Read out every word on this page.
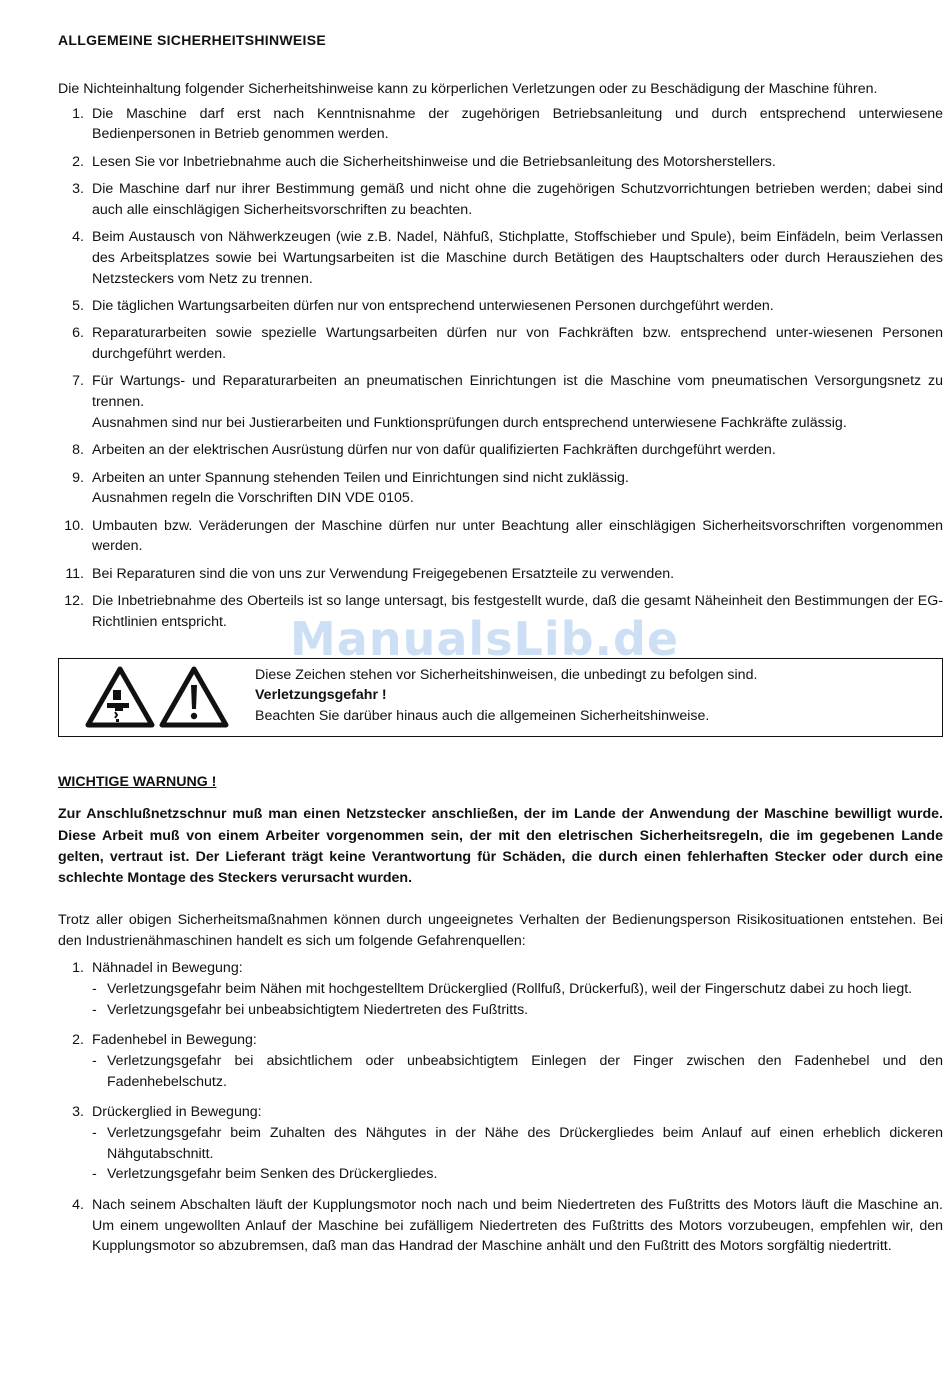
ALLGEMEINE SICHERHEITSHINWEISE
Die Nichteinhaltung folgender Sicherheitshinweise kann zu körperlichen Verletzungen oder zu Beschädigung der Maschine führen.
1. Die Maschine darf erst nach Kenntnisnahme der zugehörigen Betriebsanleitung und durch entsprechend unterwiesene Bedienpersonen in Betrieb genommen werden.
2. Lesen Sie vor Inbetriebnahme auch die Sicherheitshinweise und die Betriebsanleitung des Motorsherstellers.
3. Die Maschine darf nur ihrer Bestimmung gemäß und nicht ohne die zugehörigen Schutzvorrichtungen betrieben werden; dabei sind auch alle einschlägigen Sicherheitsvorschriften zu beachten.
4. Beim Austausch von Nähwerkzeugen (wie z.B. Nadel, Nähfuß, Stichplatte, Stoffschieber und Spule), beim Einfädeln, beim Verlassen des Arbeitsplatzes sowie bei Wartungsarbeiten ist die Maschine durch Betätigen des Hauptschalters oder durch Herausziehen des Netzsteckers vom Netz zu trennen.
5. Die täglichen Wartungsarbeiten dürfen nur von entsprechend unterwiesenen Personen durchgeführt werden.
6. Reparaturarbeiten sowie spezielle Wartungsarbeiten dürfen nur von Fachkräften bzw. entsprechend unter-wiesenen Personen durchgeführt werden.
7. Für Wartungs- und Reparaturarbeiten an pneumatischen Einrichtungen ist die Maschine vom pneumatischen Versorgungsnetz zu trennen.
Ausnahmen sind nur bei Justierarbeiten und Funktionsprüfungen durch entsprechend unterwiesene Fachkräfte zulässig.
8. Arbeiten an der elektrischen Ausrüstung dürfen nur von dafür qualifizierten Fachkräften durchgeführt werden.
9. Arbeiten an unter Spannung stehenden Teilen und Einrichtungen sind nicht zuklässig.
Ausnahmen regeln die Vorschriften DIN VDE 0105.
10. Umbauten bzw. Veräderungen der Maschine dürfen nur unter Beachtung aller einschlägigen Sicherheitsvorschriften vorgenommen werden.
11. Bei Reparaturen sind die von uns zur Verwendung Freigegebenen Ersatzteile zu verwenden.
12. Die Inbetriebnahme des Oberteils ist so lange untersagt, bis festgestellt wurde, daß die gesamt Näheinheit den Bestimmungen der EG-Richtlinien entspricht.
Diese Zeichen stehen vor Sicherheitshinweisen, die unbedingt zu befolgen sind.
Verletzungsgefahr !
Beachten Sie darüber hinaus auch die allgemeinen Sicherheitshinweise.
WICHTIGE WARNUNG !
Zur Anschlußnetzschnur muß man einen Netzstecker anschließen, der im Lande der Anwendung der Maschine bewilligt wurde. Diese Arbeit muß von einem Arbeiter vorgenommen sein, der mit den eletrischen Sicherheitsregeln, die im gegebenen Lande gelten, vertraut ist. Der Lieferant trägt keine Verantwortung für Schäden, die durch einen fehlerhaften Stecker oder durch eine schlechte Montage des Steckers verursacht wurden.
Trotz aller obigen Sicherheitsmaßnahmen können durch ungeeignetes Verhalten der Bedienungsperson Risikosituationen entstehen. Bei den Industrienähmaschinen handelt es sich um folgende Gefahrenquellen:
1. Nähnadel in Bewegung:
- Verletzungsgefahr beim Nähen mit hochgestelltem Drückerglied (Rollfuß, Drückerfuß), weil der Fingerschutz dabei zu hoch liegt.
- Verletzungsgefahr bei unbeabsichtigtem Niedertreten des Fußtritts.
2. Fadenhebel in Bewegung:
- Verletzungsgefahr bei absichtlichem oder unbeabsichtigtem Einlegen der Finger zwischen den Fadenhebel und den Fadenhebelschutz.
3. Drückerglied in Bewegung:
- Verletzungsgefahr beim Zuhalten des Nähgutes in der Nähe des Drückergliedes beim Anlauf auf einen erheblich dickeren Nähgutabschnitt.
- Verletzungsgefahr beim Senken des Drückergliedes.
4. Nach seinem Abschalten läuft der Kupplungsmotor noch nach und beim Niedertreten des Fußtritts des Motors läuft die Maschine an. Um einem ungewollten Anlauf der Maschine bei zufälligem Niedertreten des Fußtritts des Motors vorzubeugen, empfehlen wir, den Kupplungsmotor so abzubremsen, daß man das Handrad der Maschine anhält und den Fußtritt des Motors sorgfältig niedertritt.
ManualsLib.de
